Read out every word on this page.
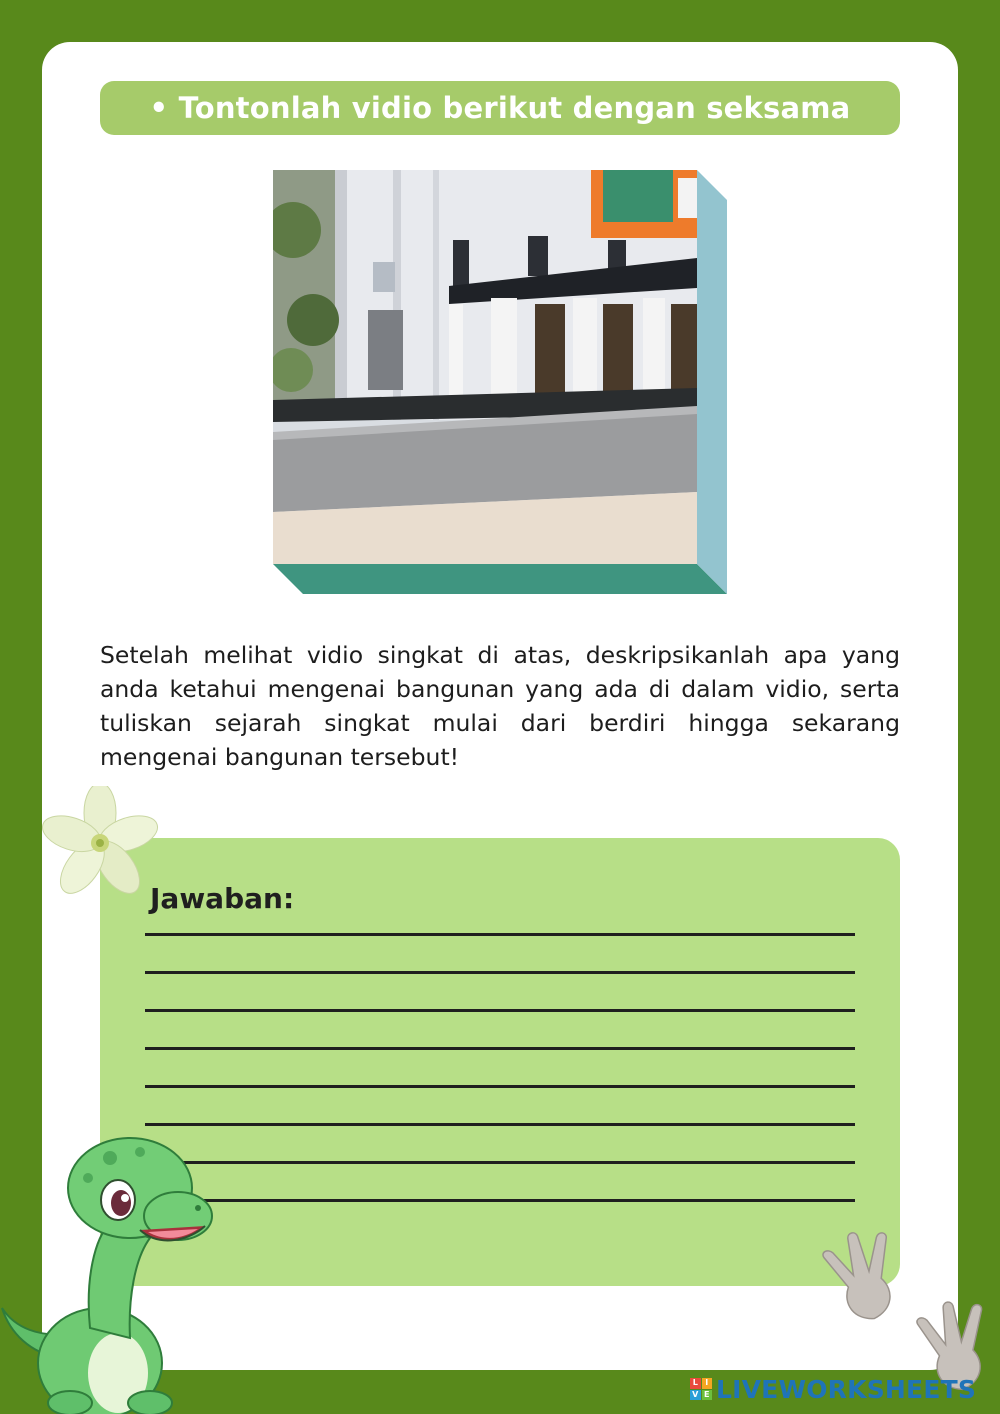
• Tontonlah vidio berikut dengan seksama
Setelah melihat vidio singkat di atas, deskripsikanlah apa yang anda ketahui mengenai bangunan yang ada di dalam vidio, serta tuliskan sejarah singkat mulai dari berdiri hingga sekarang mengenai bangunan tersebut!
Jawaban:
L I
V E LIVEWORKSHEETS
